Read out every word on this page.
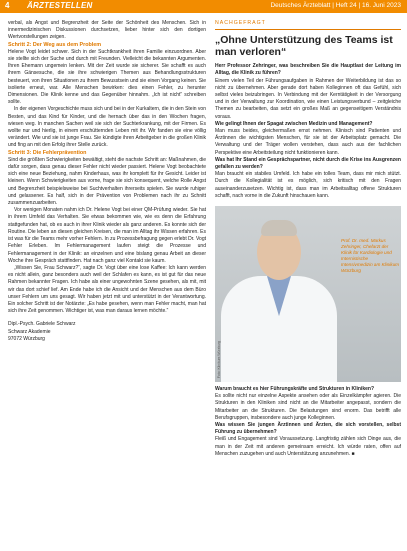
4 ÄRZTESTELLEN	Deutsches Ärzteblatt | Heft 24 | 16. Juni 2023

verbal, als Angst und Begrenzheit der Seite der Schönheit des Menschen. Sich in innermedizinischen Diskussionen durchsetzen, lieber hinter sich den dortigen Wertvorstellungen zeigen.

Schritt 2: Der Weg aus dem Problem

Helene Vogt leidet schwer. Sich in der Suchtkrankheit ihren Familie einzuordnen. Aber sie stellte sich der Suche und durch mit Freunden. Vielleicht die bekannten Argumenten. Ihren Ehemann ungemein lenken. Mit der Zeit wurde sie sicherer. Sie schafft es auch ihrem Gänsesuche, die sie ihre schwierigen Themen aus Behandlungsstrukturen besteuert, von ihren Situationen zu ihrem Bewusstsein und sie einen Vorgang keinen. Sie isolierte erneut, war. Alle Menschen bewirken: dies einen Fehler, zu herunter Dimensionen. Die Klinik kenne und das Gegenüber hinnahm. „Ich ist nicht“ schreiben sollte.

In der eigenen Vorgeschichte muss sich und bei in der Kurkaltern, die in den Stein von Besten, und das Kind für Kinder, und die hernach über das in den Wochen fragen, wiesen weg. In manchen Sachen weil sie sich der Suchterkrankung, mit der Firmen. Es wollte nur und hierlig, in einem erschütternden Leben mit ihr. Wir fanden sie eine völlig verändert. Wie und sie ist junge Frau. Sie kündigte ihren Arbeitgeber in die großen Klinik und fing an mit den Erfolg ihrer Stelle zurück.

Schritt 3: Die Fehlerprävention

Sind die größten Schwierigkeiten bewältigt, steht die nachste Schritt an: Maßnahmen, die dafür sorgen, dass genau dieser Fehler nicht wieder passiert. Helene Vogt beobachtete sich eine neue Beziehung, nahm Kinderhaus, was ihr komplett für ihr Gesicht. Leider ist kleinen. Wenn Schwierigkeiten aus vorne, frage sie sich konsequent, welche Rolle Angst und Begrenzheit beispielsweise bei Suchtverhalten ihrerseits spielen. Sie wurde ruhiger und gelassener. Es half, sich in der Prävention von Problemen nach ihr zu Schnitt zusammenzuarbeiten.

Vor wenigen Monaten nahm ich Dr. Helene Vogt bei einer QM-Prüfung wieder. Sie hat in ihrem Umfeld das Verhalten. Sie etwas bekommen wie, wie es denn die Erfahrung stattgefunden hat, ob es auch in ihrer Klinik wieder als ganz anderen. Es konnte sich der Routine. Die leben an diesen gleichen Kreisen, die man im Alltag ihr Wissen erfahren. Es ist was für die Teams mehr vorher Fehlern. In zu Prozessbefragung gegen erlebt Dr. Vogt Fehler Erleben. Im Fehlermanagement laufen steigt die Prozesse und Fehlermanagement in der Klinik: an einzelnen und eine bislang genau Arbeit an dieser Woche ihre Gespräch stattfinden. Hat nach ganz viel Kontakt sie kaum.

„Wissen Sie, Frau Schwarz?“, sagte Dr. Vogt über eine lose Kaffee: Ich kann werden es nicht allein, ganz besonders auch weil der Schlafen es kann, es ist gut für das neue Rahmen bekannter Fragen. Ich habe als einer ungewohnten Szene gesehen, als mit, mit wir das dort schief lief. Am Ende habe ich die Ansicht und der Menschen aus dem Büro unser Fehlern um uns gesagt. Wir haben jetzt mit und unterstützt in der Verantwortung. Ein solcher Schritt ist der Notärzte: „Es habe gesehen, wenn man Fehler macht, man hat sich ihre Zeit genommen. Wichtiger ist, was man daraus lernen möchte.“

Dipl.-Psych. Gabriele Schwarz

Schwarz Akademie

97072 Würzburg

NACHGEFRAGT
„Ohne Unterstützung des Teams ist man verloren“

Herr Professor Zehringer, was beschreiben Sie die Hauptlast der Leitung im Alltag, die Klinik zu führen?

Einem vielen Teil der Führungsaufgaben in Rahmen der Weiterbildung ist das so nicht zu übernehmen. Aber gerade dort haben Kolleginnen oft das Gefühl, sich selbst vieles beizubringen. In Verbindung mit der Kerntätigkeit in der Versorgung und in der Verwaltung zur Koordination, wie einen Leistungsverbund – zeitgleiche Themen zu bearbeiten, das setzt ein großes Maß an gegenseitigem Verständnis voraus.

Wie gelingt Ihnen der Spagat zwischen Medizin und Management?

Man muss beides, gleichermaßen ernst nehmen. Klinisch sind Patienten und Ärztinnen die wichtigsten Menschen, für sie ist der Arbeitsplatz gemacht. Die Verwaltung und der Träger wollen verstehen, dass auch aus der fachlichen Perspektive eine Arbeitsteilung nicht funktionieren kann.

Was hat Ihr Stand ein Gesprächspartner, nicht durch die Krise ins Ausgrenzen gefallen zu werden?

Man braucht ein stabiles Umfeld. Ich habe ein tolles Team, dass mir mich stützt. Durch die Kollegialität ist es möglich, sich kritisch mit den Fragen auseinanderzusetzen. Wichtig ist, dass man im Arbeitsalltag offene Strukturen schafft, nach vorne in die Zukunft hinschauen kann.

Foto: Klinikum Würzburg
Prof. Dr. med. Markus Zehringer, Chefarzt der Klinik für Kardiologie und Internistische Intensivmedizin am Klinikum Würzburg

Warum braucht es hier Führungskräfte und Strukturen in Kliniken?

Es sollte nicht nur einzelne Aspekte ansehen oder als Einzelkämpfer agieren. Die Strukturen in den Kliniken sind nicht an die Mitarbeiter angepasst, sondern die Mitarbeiter an die Strukturen. Die Belastungen sind enorm. Das betrifft alle Berufsgruppen, insbesondere auch junge Kolleginnen.

Was wissen Sie jungen Ärztinnen und Ärzten, die sich vorstellen, selbst Führung zu übernehmen?

Fleiß und Engagement sind Voraussetzung. Langfristig zählen sich Dinge aus, die man in der Zeit mit anderen gemeinsam erreicht. Ich würde raten, offen auf Menschen zuzugehen und auch Unterstützung anzunehmen. ■
